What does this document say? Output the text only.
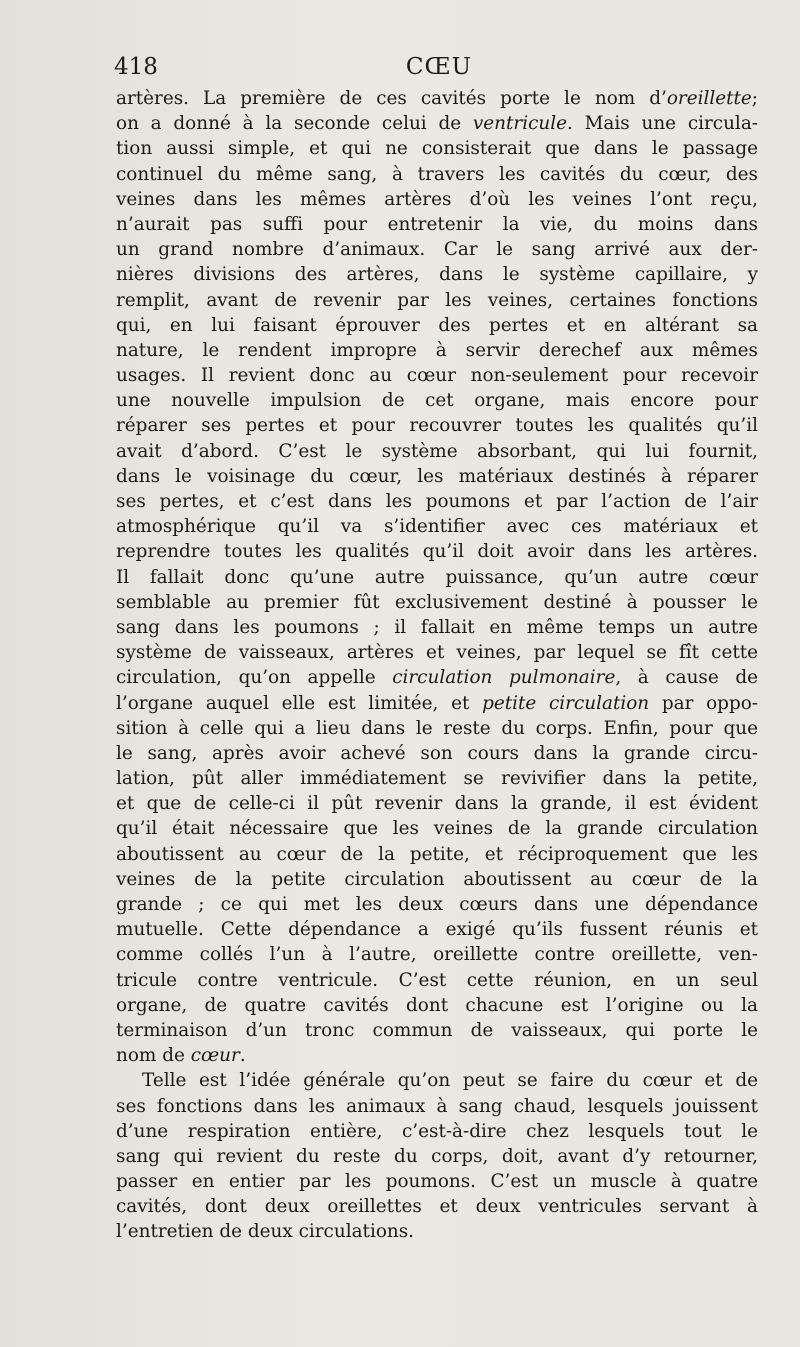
418	CŒU
artères. La première de ces cavités porte le nom d’oreillette;
on a donné à la seconde celui de ventricule. Mais une circula-
tion aussi simple, et qui ne consisterait que dans le passage
continuel du même sang, à travers les cavités du cœur, des
veines dans les mêmes artères d’où les veines l’ont reçu,
n’aurait pas suffi pour entretenir la vie, du moins dans
un grand nombre d’animaux. Car le sang arrivé aux der-
nières divisions des artères, dans le système capillaire, y
remplit, avant de revenir par les veines, certaines fonctions
qui, en lui faisant éprouver des pertes et en altérant sa
nature, le rendent impropre à servir derechef aux mêmes
usages. Il revient donc au cœur non-seulement pour recevoir
une nouvelle impulsion de cet organe, mais encore pour
réparer ses pertes et pour recouvrer toutes les qualités qu’il
avait d’abord. C’est le système absorbant, qui lui fournit,
dans le voisinage du cœur, les matériaux destinés à réparer
ses pertes, et c’est dans les poumons et par l’action de l’air
atmosphérique qu’il va s’identifier avec ces matériaux et
reprendre toutes les qualités qu’il doit avoir dans les artères.
Il fallait donc qu’une autre puissance, qu’un autre cœur
semblable au premier fût exclusivement destiné à pousser le
sang dans les poumons ; il fallait en même temps un autre
système de vaisseaux, artères et veines, par lequel se fît cette
circulation, qu’on appelle circulation pulmonaire, à cause de
l’organe auquel elle est limitée, et petite circulation par oppo-
sition à celle qui a lieu dans le reste du corps. Enfin, pour que
le sang, après avoir achevé son cours dans la grande circu-
lation, pût aller immédiatement se revivifier dans la petite,
et que de celle-ci il pût revenir dans la grande, il est évident
qu’il était nécessaire que les veines de la grande circulation
aboutissent au cœur de la petite, et réciproquement que les
veines de la petite circulation aboutissent au cœur de la
grande ; ce qui met les deux cœurs dans une dépendance
mutuelle. Cette dépendance a exigé qu’ils fussent réunis et
comme collés l’un à l’autre, oreillette contre oreillette, ven-
tricule contre ventricule. C’est cette réunion, en un seul
organe, de quatre cavités dont chacune est l’origine ou la
terminaison d’un tronc commun de vaisseaux, qui porte le
nom de cœur.
Telle est l’idée générale qu’on peut se faire du cœur et de
ses fonctions dans les animaux à sang chaud, lesquels jouissent
d’une respiration entière, c’est-à-dire chez lesquels tout le
sang qui revient du reste du corps, doit, avant d’y retourner,
passer en entier par les poumons. C’est un muscle à quatre
cavités, dont deux oreillettes et deux ventricules servant à
l’entretien de deux circulations.
